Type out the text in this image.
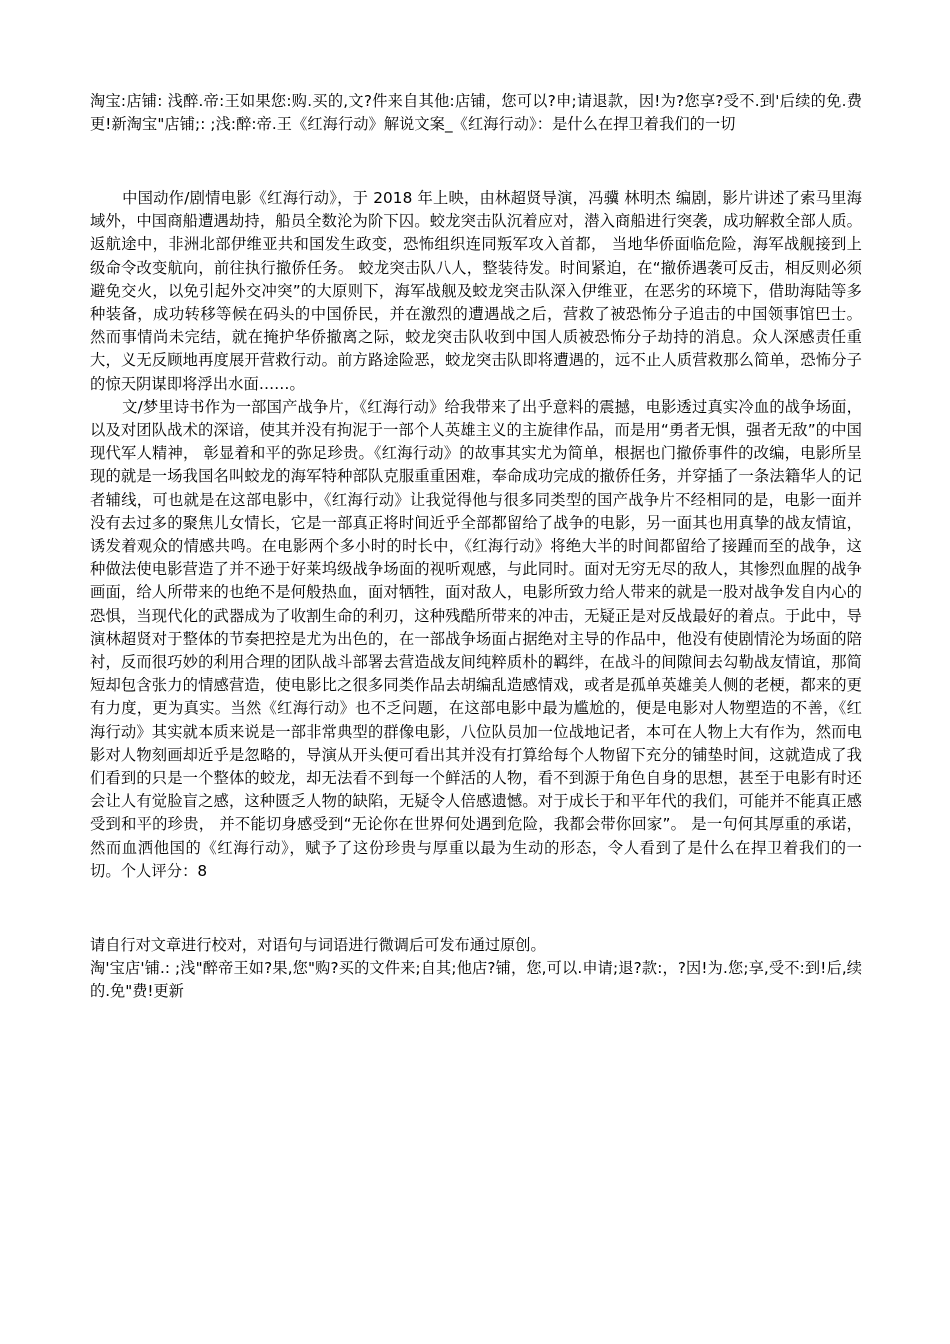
淘宝:店铺: 浅醉.帝:王如果您:购.买的,文?件来自其他:店铺，您可以?申;请退款，因!为?您享?受不.到'后续的免.费更!新淘宝"店铺;: ;浅:醉:帝.王《红海行动》解说文案_《红海行动》：是什么在捍卫着我们的一切

中国动作/剧情电影《红海行动》，于 2018 年上映，由林超贤导演，冯骥 林明杰 编剧，影片讲述了索马里海域外，中国商船遭遇劫持，船员全数沦为阶下囚。蛟龙突击队沉着应对，潜入商船进行突袭，成功解救全部人质。返航途中，非洲北部伊维亚共和国发生政变，恐怖组织连同叛军攻入首都， 当地华侨面临危险，海军战舰接到上级命令改变航向，前往执行撤侨任务。 蛟龙突击队八人，整装待发。时间紧迫，在“撤侨遇袭可反击，相反则必须避免交火，以免引起外交冲突”的大原则下，海军战舰及蛟龙突击队深入伊维亚，在恶劣的环境下，借助海陆等多种装备，成功转移等候在码头的中国侨民，并在激烈的遭遇战之后，营救了被恐怖分子追击的中国领事馆巴士。 然而事情尚未完结，就在掩护华侨撤离之际，蛟龙突击队收到中国人质被恐怖分子劫持的消息。众人深感责任重大，义无反顾地再度展开营救行动。前方路途险恶，蛟龙突击队即将遭遇的，远不止人质营救那么简单，恐怖分子的惊天阴谋即将浮出水面……。

文/梦里诗书作为一部国产战争片，《红海行动》给我带来了出乎意料的震撼，电影透过真实冷血的战争场面，以及对团队战术的深谙，使其并没有拘泥于一部个人英雄主义的主旋律作品，而是用“勇者无惧，强者无敌”的中国现代军人精神， 彰显着和平的弥足珍贵。《红海行动》的故事其实尤为简单，根据也门撤侨事件的改编，电影所呈现的就是一场我国名叫蛟龙的海军特种部队克服重重困难，奉命成功完成的撤侨任务，并穿插了一条法籍华人的记者辅线，可也就是在这部电影中，《红海行动》让我觉得他与很多同类型的国产战争片不经相同的是，电影一面并没有去过多的聚焦儿女情长，它是一部真正将时间近乎全部都留给了战争的电影，另一面其也用真挚的战友情谊，诱发着观众的情感共鸣。在电影两个多小时的时长中，《红海行动》将绝大半的时间都留给了接踵而至的战争，这种做法使电影营造了并不逊于好莱坞级战争场面的视听观感，与此同时。面对无穷无尽的敌人，其惨烈血腥的战争画面，给人所带来的也绝不是何般热血，面对牺牲，面对敌人，电影所致力给人带来的就是一股对战争发自内心的恐惧，当现代化的武器成为了收割生命的利刃，这种残酷所带来的冲击，无疑正是对反战最好的着点。于此中，导演林超贤对于整体的节奏把控是尤为出色的，在一部战争场面占据绝对主导的作品中，他没有使剧情沦为场面的陪衬，反而很巧妙的利用合理的团队战斗部署去营造战友间纯粹质朴的羁绊，在战斗的间隙间去勾勒战友情谊，那简短却包含张力的情感营造，使电影比之很多同类作品去胡编乱造感情戏，或者是孤单英雄美人侧的老梗，都来的更有力度，更为真实。当然《红海行动》也不乏问题，在这部电影中最为尴尬的，便是电影对人物塑造的不善，《红海行动》其实就本质来说是一部非常典型的群像电影，八位队员加一位战地记者，本可在人物上大有作为，然而电影对人物刻画却近乎是忽略的，导演从开头便可看出其并没有打算给每个人物留下充分的铺垫时间，这就造成了我们看到的只是一个整体的蛟龙，却无法看不到每一个鲜活的人物，看不到源于角色自身的思想，甚至于电影有时还会让人有觉脸盲之感，这种匮乏人物的缺陷，无疑令人倍感遗憾。对于成长于和平年代的我们，可能并不能真正感受到和平的珍贵， 并不能切身感受到“无论你在世界何处遇到危险，我都会带你回家”。 是一句何其厚重的承诺，然而血洒他国的《红海行动》，赋予了这份珍贵与厚重以最为生动的形态，令人看到了是什么在捍卫着我们的一切。个人评分：8

请自行对文章进行校对，对语句与词语进行微调后可发布通过原创。

淘'宝店'铺.: ;浅"醉帝王如?果,您"购?买的文件来;自其;他店?铺，您,可以.申请;退?款:，?因!为.您;享,受不:到!后,续的.免"费!更新
